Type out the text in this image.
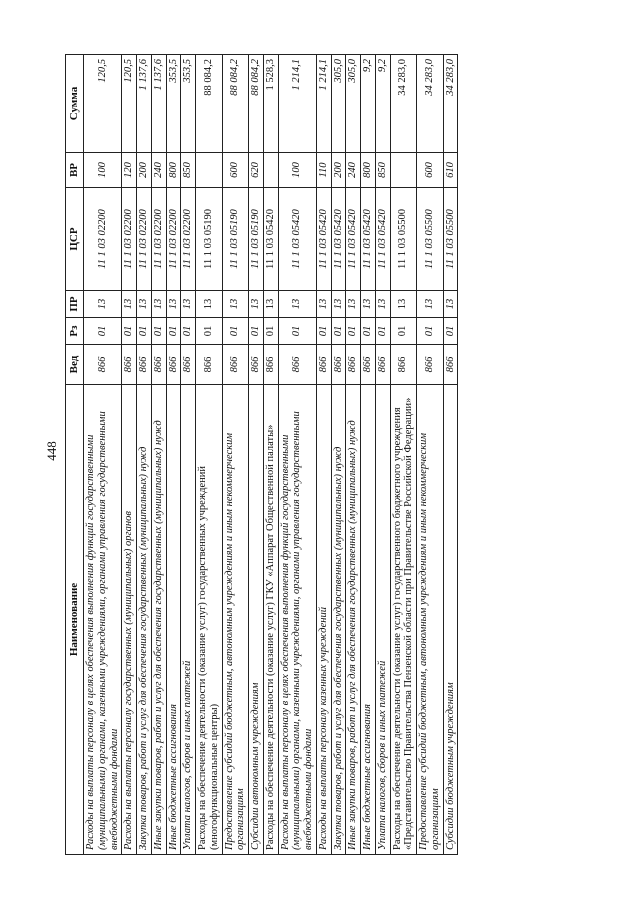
448
Наименование	Вед	Рз	ПР	ЦСР	ВР	Сумма
Расходы на выплаты персоналу в целях обеспечения выполнения функций государственными (муниципальными) органами, казенными учреждениями, органами управления государственными внебюджетными фондами	866	01	13	11 1 03 02200	100	120,5
Расходы на выплаты персоналу государственных (муниципальных) органов	866	01	13	11 1 03 02200	120	120,5
Закупка товаров, работ и услуг для обеспечения государственных (муниципальных) нужд	866	01	13	11 1 03 02200	200	1 137,6
Иные закупки товаров, работ и услуг для обеспечения государственных (муниципальных) нужд	866	01	13	11 1 03 02200	240	1 137,6
Иные бюджетные ассигнования	866	01	13	11 1 03 02200	800	353,5
Уплата налогов, сборов и иных платежей	866	01	13	11 1 03 02200	850	353,5
Расходы на обеспечение деятельности (оказание услуг) государственных учреждений (многофункциональные центры)	866	01	13	11 1 03 05190		88 084,2
Предоставление субсидий бюджетным, автономным учреждениям и иным некоммерческим организациям	866	01	13	11 1 03 05190	600	88 084,2
Субсидии автономным учреждениям	866	01	13	11 1 03 05190	620	88 084,2
Расходы на обеспечение деятельности (оказание услуг) ГКУ «Аппарат Общественной палаты»	866	01	13	11 1 03 05420		1 528,3
Расходы на выплаты персоналу в целях обеспечения выполнения функций государственными (муниципальными) органами, казенными учреждениями, органами управления государственными внебюджетными фондами	866	01	13	11 1 03 05420	100	1 214,1
Расходы на выплаты персоналу казенных учреждений	866	01	13	11 1 03 05420	110	1 214,1
Закупка товаров, работ и услуг для обеспечения государственных (муниципальных) нужд	866	01	13	11 1 03 05420	200	305,0
Иные закупки товаров, работ и услуг для обеспечения государственных (муниципальных) нужд	866	01	13	11 1 03 05420	240	305,0
Иные бюджетные ассигнования	866	01	13	11 1 03 05420	800	9,2
Уплата налогов, сборов и иных платежей	866	01	13	11 1 03 05420	850	9,2
Расходы на обеспечение деятельности (оказание услуг) государственного бюджетного учреждения «Представительство Правительства Пензенской области при Правительстве Российской Федерации»	866	01	13	11 1 03 05500		34 283,0
Предоставление субсидий бюджетным, автономным учреждениям и иным некоммерческим организациям	866	01	13	11 1 03 05500	600	34 283,0
Субсидии бюджетным учреждениям	866	01	13	11 1 03 05500	610	34 283,0
